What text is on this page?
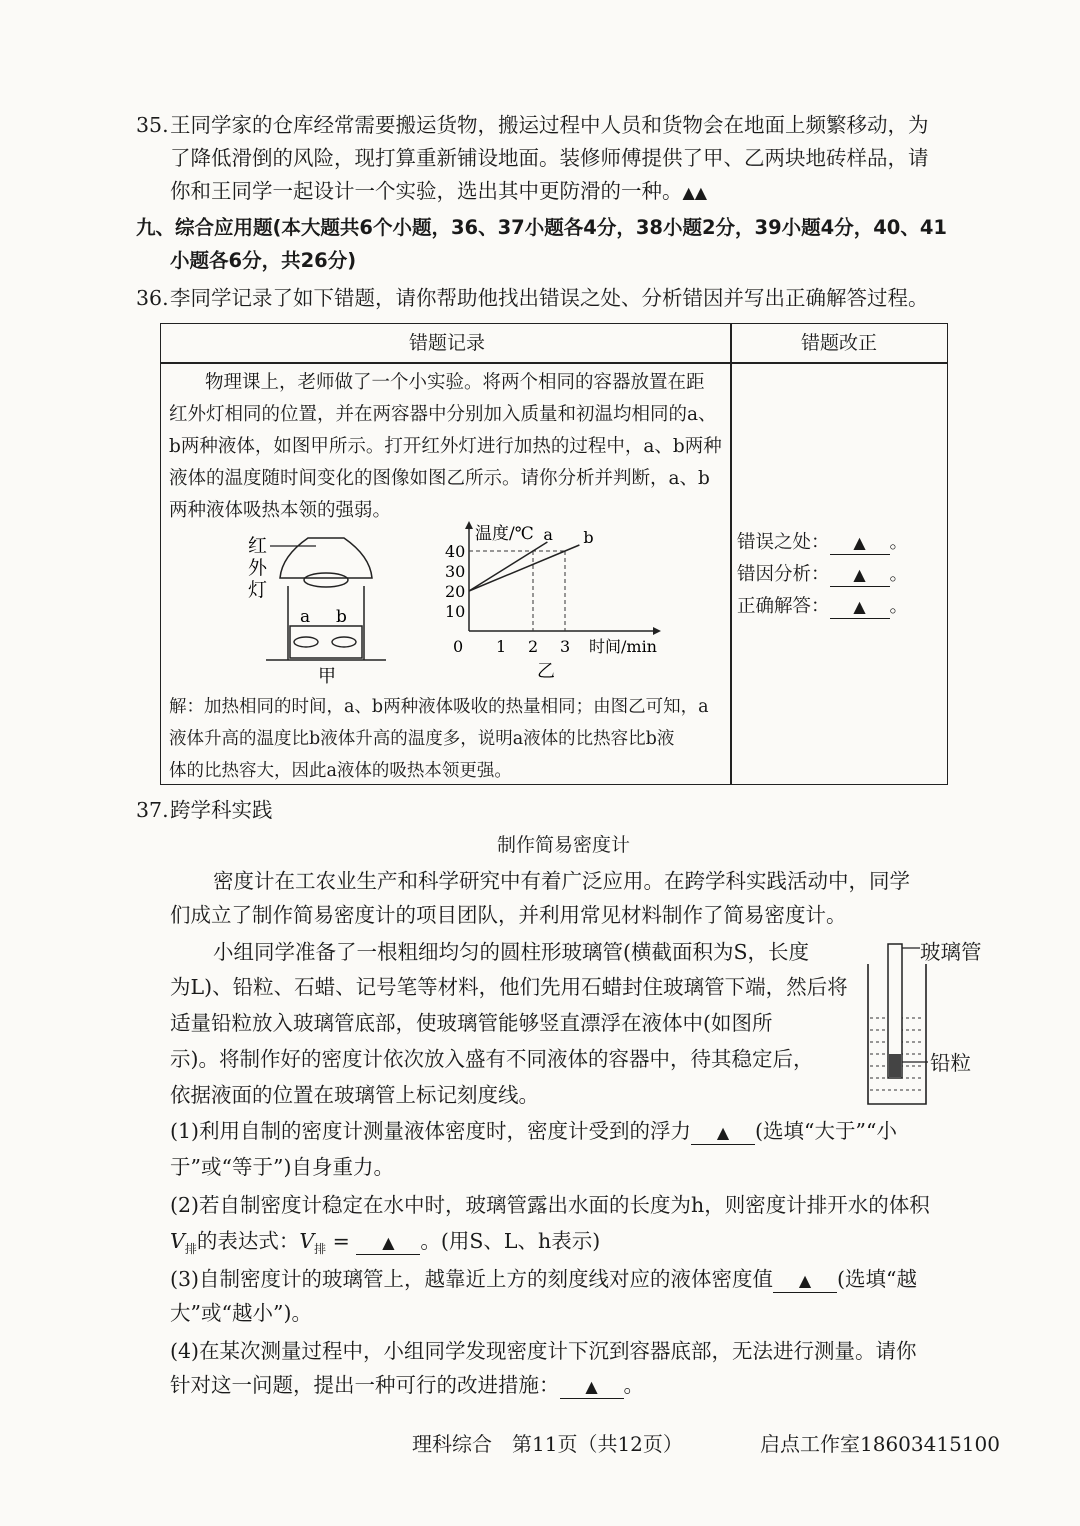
35. 王同学家的仓库经常需要搬运货物，搬运过程中人员和货物会在地面上频繁移动，为
了降低滑倒的风险，现打算重新铺设地面。装修师傅提供了甲、乙两块地砖样品，请
你和王同学一起设计一个实验，选出其中更防滑的一种。▲▲
九、综合应用题(本大题共6个小题，36、37小题各4分，38小题2分，39小题4分，40、41
小题各6分，共26分)
36. 李同学记录了如下错题，请你帮助他找出错误之处、分析错因并写出正确解答过程。
错题记录	错题改正
物理课上，老师做了一个小实验。将两个相同的容器放置在距
红外灯相同的位置，并在两容器中分别加入质量和初温均相同的a、
b两种液体，如图甲所示。打开红外灯进行加热的过程中，a、b两种
液体的温度随时间变化的图像如图乙所示。请你分析并判断，a、b
两种液体吸热本领的强弱。
红
外
灯
a b
甲
10
20
30
40
1 2 3
a b
温度/℃
时间/min
0
乙
解：加热相同的时间，a、b两种液体吸收的热量相同；由图乙可知，a
液体升高的温度比b液体升高的温度多，说明a液体的比热容比b液
体的比热容大，因此a液体的吸热本领更强。
错误之处： ▲ 。
错因分析： ▲ 。
正确解答： ▲ 。
37. 跨学科实践
制作简易密度计
密度计在工农业生产和科学研究中有着广泛应用。在跨学科实践活动中，同学
们成立了制作简易密度计的项目团队，并利用常见材料制作了简易密度计。
小组同学准备了一根粗细均匀的圆柱形玻璃管(横截面积为S，长度
为L)、铅粒、石蜡、记号笔等材料，他们先用石蜡封住玻璃管下端，然后将
适量铅粒放入玻璃管底部，使玻璃管能够竖直漂浮在液体中(如图所
示)。将制作好的密度计依次放入盛有不同液体的容器中，待其稳定后，
依据液面的位置在玻璃管上标记刻度线。
玻璃管
铅粒
(1)利用自制的密度计测量液体密度时，密度计受到的浮力 ▲ (选填“大于”“小
于”或“等于”)自身重力。
(2)若自制密度计稳定在水中时，玻璃管露出水面的长度为h，则密度计排开水的体积
$V_排$的表达式：$V_排$ = ▲ 。(用S、L、h表示)
(3)自制密度计的玻璃管上，越靠近上方的刻度线对应的液体密度值 ▲ (选填“越
大”或“越小”)。
(4)在某次测量过程中，小组同学发现密度计下沉到容器底部，无法进行测量。请你
针对这一问题，提出一种可行的改进措施： ▲ 。
理科综合　第11页（共12页）	启点工作室18603415100
